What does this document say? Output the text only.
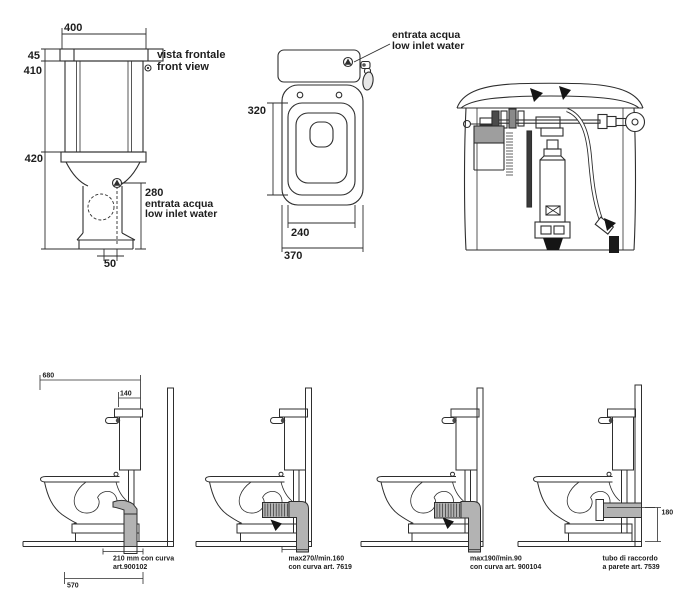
400
50
45
410
420
280
entrata acqua
low inlet water
vista frontale
front view
entrata acqua
low inlet water
320
240
370
680
140
210 mm con curva
art.900102
570
max270//min.160
con curva art. 7619
max190//min.90
con curva art. 900104
180
tubo di raccordo
a parete art. 7539
